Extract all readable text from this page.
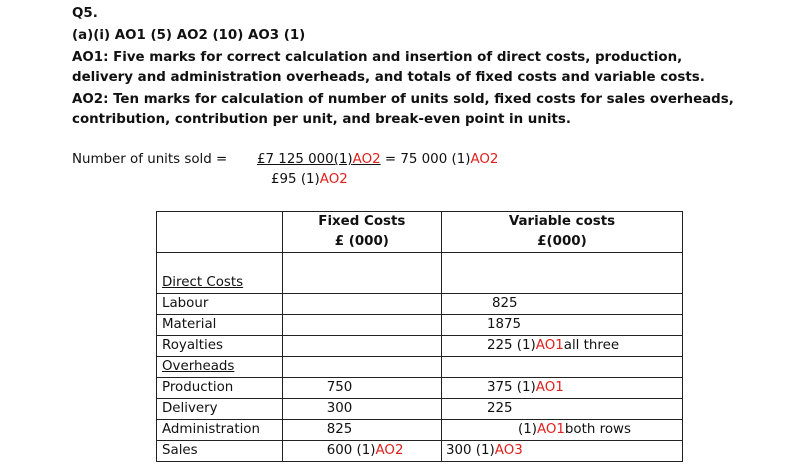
Q5.
(a)(i) AO1 (5) AO2 (10) AO3 (1)
AO1: Five marks for correct calculation and insertion of direct costs, production,
delivery and administration overheads, and totals of fixed costs and variable costs.
AO2: Ten marks for calculation of number of units sold, fixed costs for sales overheads,
contribution, contribution per unit, and break-even point in units.
Number of units sold = £7 125 000(1)AO2 = 75 000 (1)AO2
£95 (1)AO2
	Fixed Costs	Variable costs
	£ (000)	£(000)

Direct Costs		
Labour		825
Material		1875
Royalties		225 (1)AO1all three
Overheads		
Production	750	375 (1)AO1
Delivery	300	225
Administration	825	(1)AO1both rows
Sales	600 (1)AO2	300 (1)AO3
